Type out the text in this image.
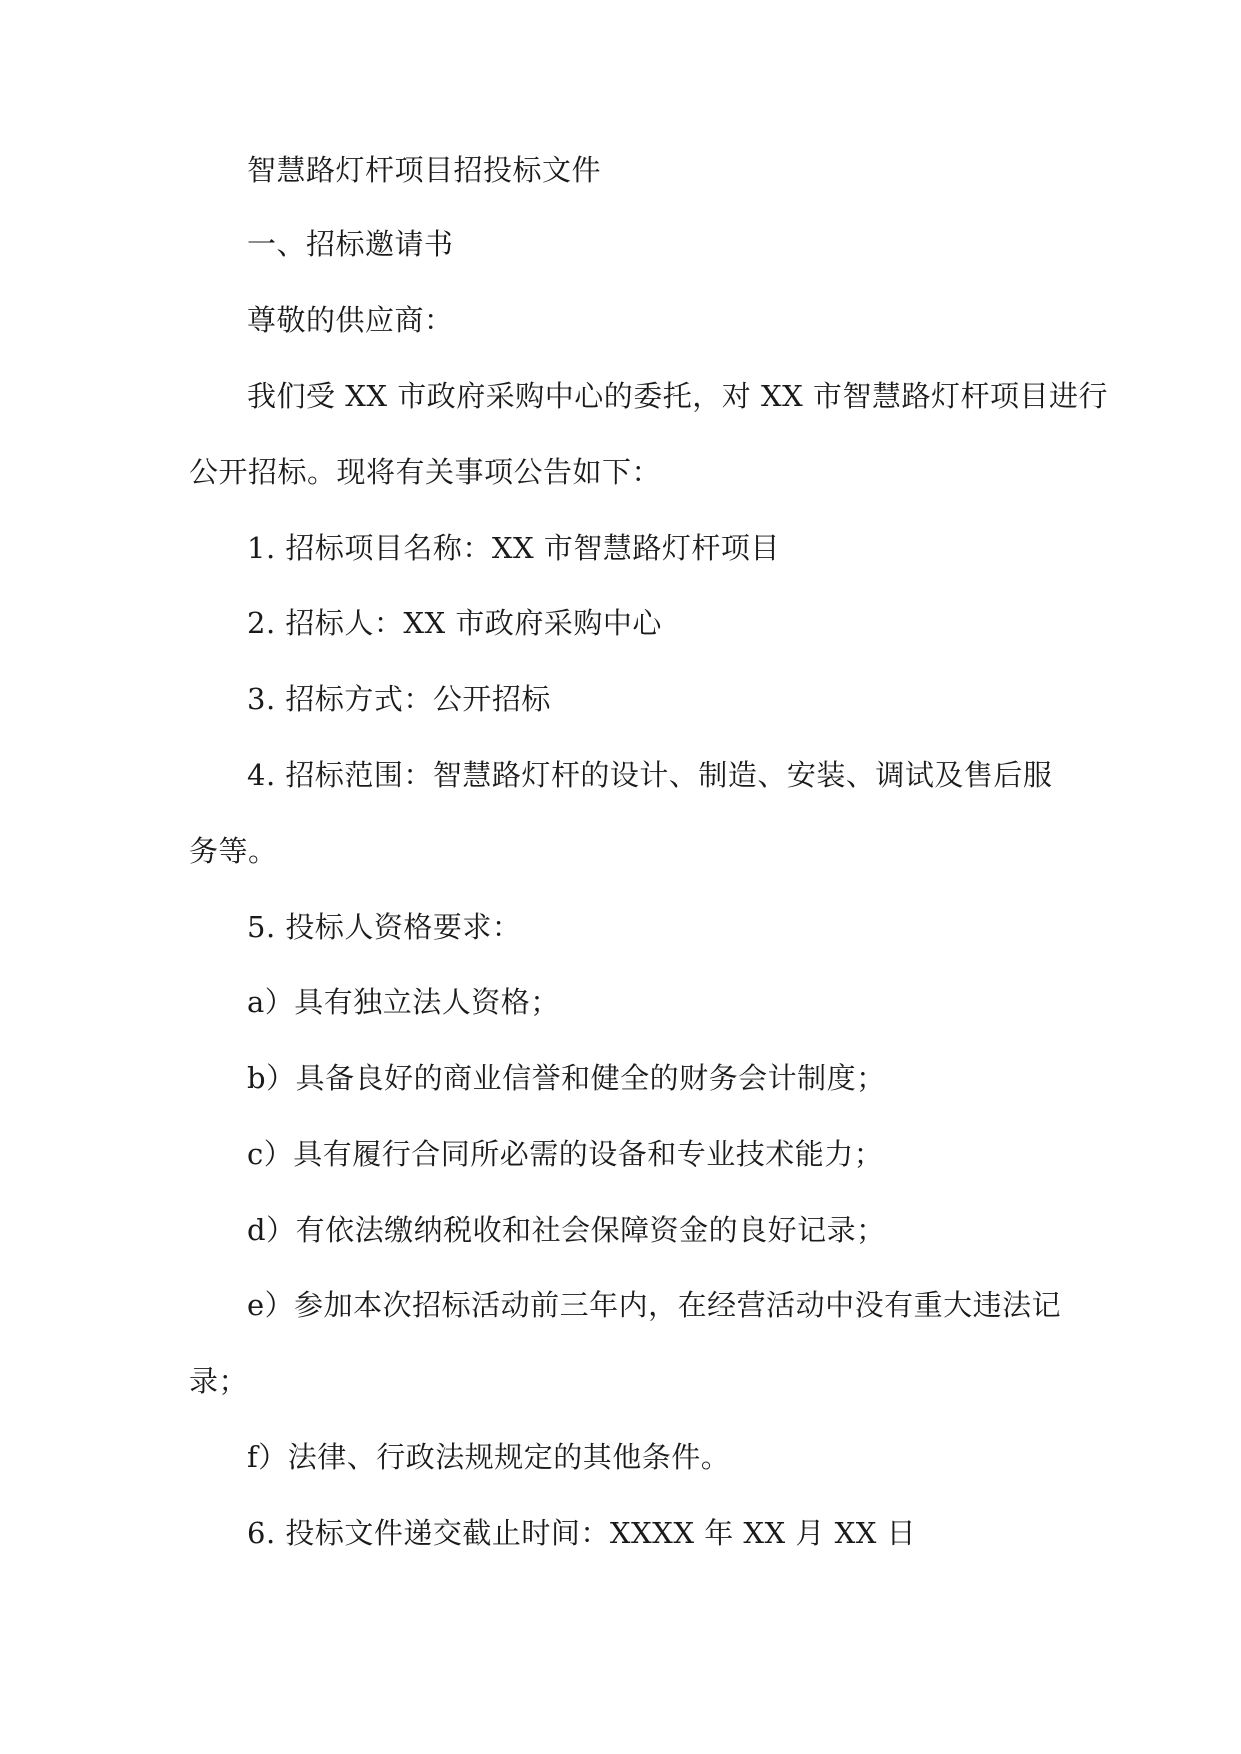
智慧路灯杆项目招投标文件

一、招标邀请书

尊敬的供应商：

我们受 XX 市政府采购中心的委托，对 XX 市智慧路灯杆项目进行

公开招标。现将有关事项公告如下：

1. 招标项目名称：XX 市智慧路灯杆项目

2. 招标人：XX 市政府采购中心

3. 招标方式：公开招标

4. 招标范围：智慧路灯杆的设计、制造、安装、调试及售后服

务等。

5. 投标人资格要求：

a）具有独立法人资格；

b）具备良好的商业信誉和健全的财务会计制度；

c）具有履行合同所必需的设备和专业技术能力；

d）有依法缴纳税收和社会保障资金的良好记录；

e）参加本次招标活动前三年内，在经营活动中没有重大违法记

录；

f）法律、行政法规规定的其他条件。

6. 投标文件递交截止时间：XXXX 年 XX 月 XX 日
